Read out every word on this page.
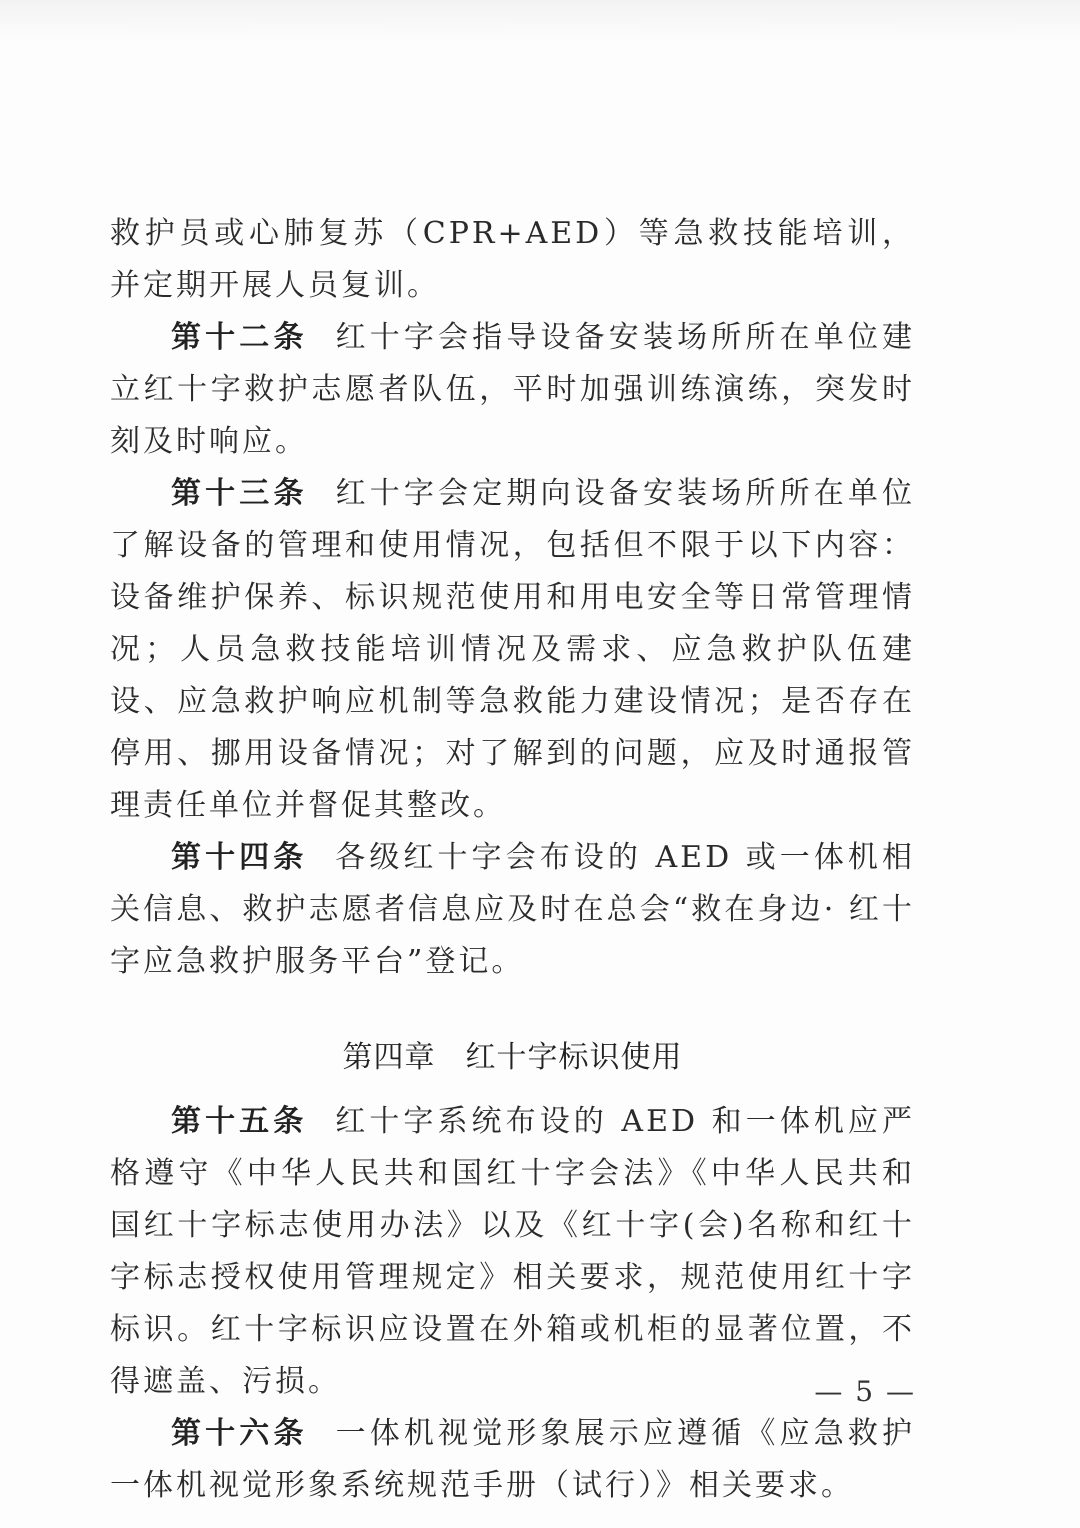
救护员或心肺复苏（CPR+AED）等急救技能培训，并定期开展人员复训。

第十二条 红十字会指导设备安装场所所在单位建立红十字救护志愿者队伍，平时加强训练演练，突发时刻及时响应。

第十三条 红十字会定期向设备安装场所所在单位了解设备的管理和使用情况，包括但不限于以下内容：设备维护保养、标识规范使用和用电安全等日常管理情况；人员急救技能培训情况及需求、应急救护队伍建设、应急救护响应机制等急救能力建设情况；是否存在停用、挪用设备情况；对了解到的问题，应及时通报管理责任单位并督促其整改。

第十四条 各级红十字会布设的 AED 或一体机相关信息、救护志愿者信息应及时在总会“救在身边· 红十字应急救护服务平台”登记。

第四章 红十字标识使用

第十五条 红十字系统布设的 AED 和一体机应严格遵守《中华人民共和国红十字会法》《中华人民共和国红十字标志使用办法》以及《红十字(会)名称和红十字标志授权使用管理规定》相关要求，规范使用红十字标识。红十字标识应设置在外箱或机柜的显著位置，不得遮盖、污损。

第十六条 一体机视觉形象展示应遵循《应急救护一体机视觉形象系统规范手册（试行）》相关要求。

— 5 —
